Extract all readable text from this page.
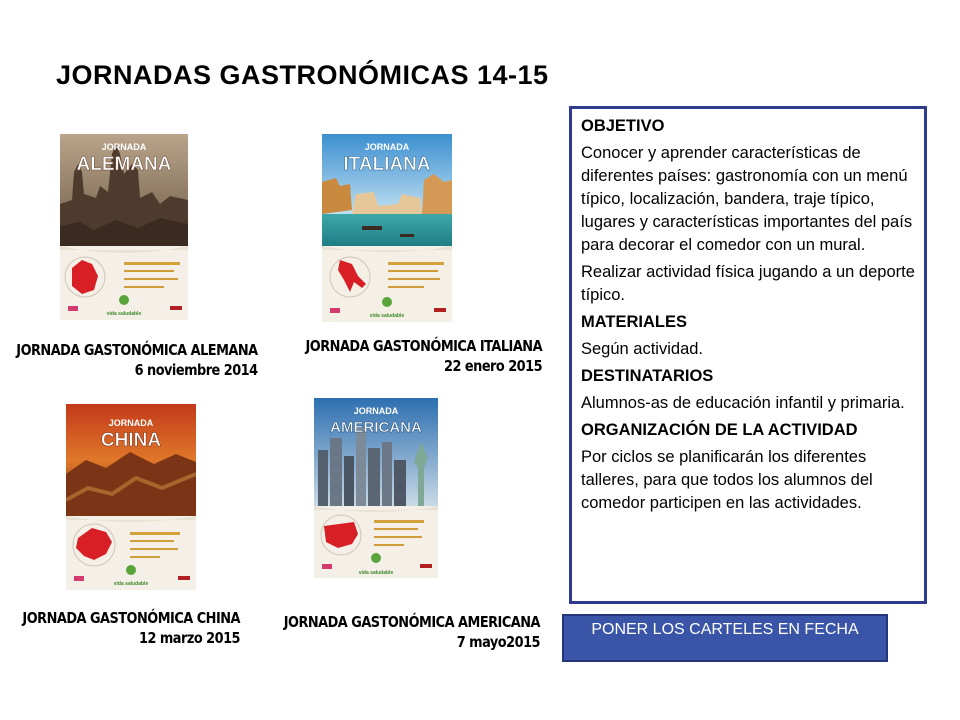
JORNADAS GASTRONÓMICAS 14-15
JORNADA
ALEMANA
vida saludable
JORNADA
ITALIANA
vida saludable
JORNADA
CHINA
vida saludable
JORNADA
AMERICANA
vida saludable
JORNADA GASTONÓMICA ALEMANA
6 noviembre 2014
JORNADA GASTONÓMICA ITALIANA
22 enero 2015
JORNADA GASTONÓMICA CHINA
12 marzo 2015
JORNADA GASTONÓMICA AMERICANA
7 mayo2015

OBJETIVO

Conocer y aprender características de diferentes países: gastronomía con un menú típico, localización, bandera, traje típico, lugares y características importantes del país para decorar el comedor con un mural.

Realizar actividad física jugando a un deporte típico.

MATERIALES

Según actividad.

DESTINATARIOS

Alumnos-as de educación infantil y primaria.

ORGANIZACIÓN DE LA ACTIVIDAD

Por ciclos se planificarán los diferentes talleres, para que todos los alumnos del comedor participen en las actividades.

PONER LOS CARTELES EN FECHA
